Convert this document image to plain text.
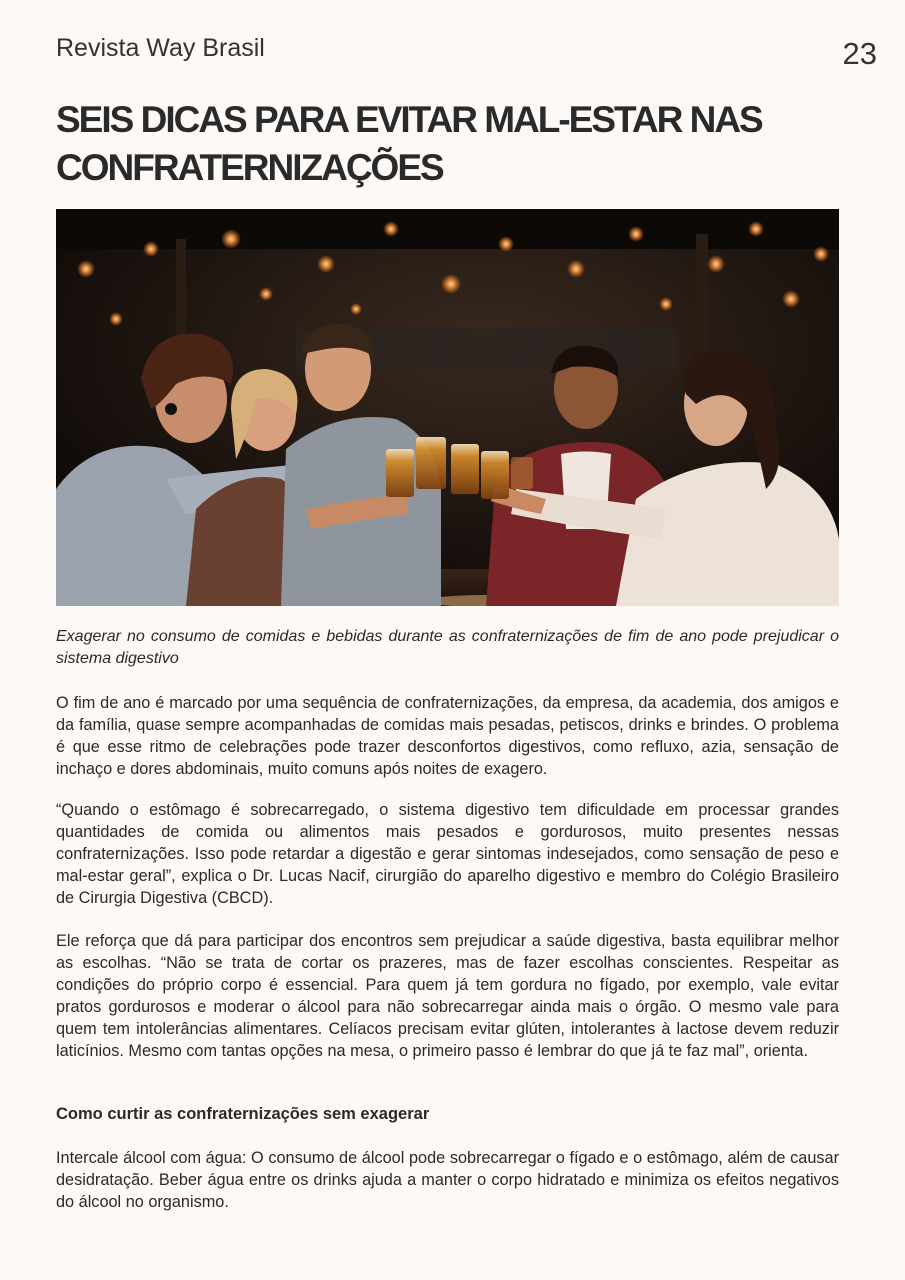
Revista Way Brasil	23
SEIS DICAS PARA EVITAR MAL-ESTAR NAS CONFRATERNIZAÇÕES

Exagerar no consumo de comidas e bebidas durante as confraternizações de fim de ano pode prejudicar o sistema digestivo

O fim de ano é marcado por uma sequência de confraternizações, da empresa, da academia, dos amigos e da família, quase sempre acompanhadas de comidas mais pesadas, petiscos, drinks e brindes. O problema é que esse ritmo de celebrações pode trazer desconfortos digestivos, como refluxo, azia, sensação de inchaço e dores abdominais, muito comuns após noites de exagero.

“Quando o estômago é sobrecarregado, o sistema digestivo tem dificuldade em processar grandes quantidades de comida ou alimentos mais pesados e gordurosos, muito presentes nessas confraternizações. Isso pode retardar a digestão e gerar sintomas indesejados, como sensação de peso e mal-estar geral”, explica o Dr. Lucas Nacif, cirurgião do aparelho digestivo e membro do Colégio Brasileiro de Cirurgia Digestiva (CBCD).

Ele reforça que dá para participar dos encontros sem prejudicar a saúde digestiva, basta equilibrar melhor as escolhas. “Não se trata de cortar os prazeres, mas de fazer escolhas conscientes. Respeitar as condições do próprio corpo é essencial. Para quem já tem gordura no fígado, por exemplo, vale evitar pratos gordurosos e moderar o álcool para não sobrecarregar ainda mais o órgão. O mesmo vale para quem tem intolerâncias alimentares. Celíacos precisam evitar glúten, intolerantes à lactose devem reduzir laticínios. Mesmo com tantas opções na mesa, o primeiro passo é lembrar do que já te faz mal”, orienta.

Como curtir as confraternizações sem exagerar

Intercale álcool com água: O consumo de álcool pode sobrecarregar o fígado e o estômago, além de causar desidratação. Beber água entre os drinks ajuda a manter o corpo hidratado e minimiza os efeitos negativos do álcool no organismo.
